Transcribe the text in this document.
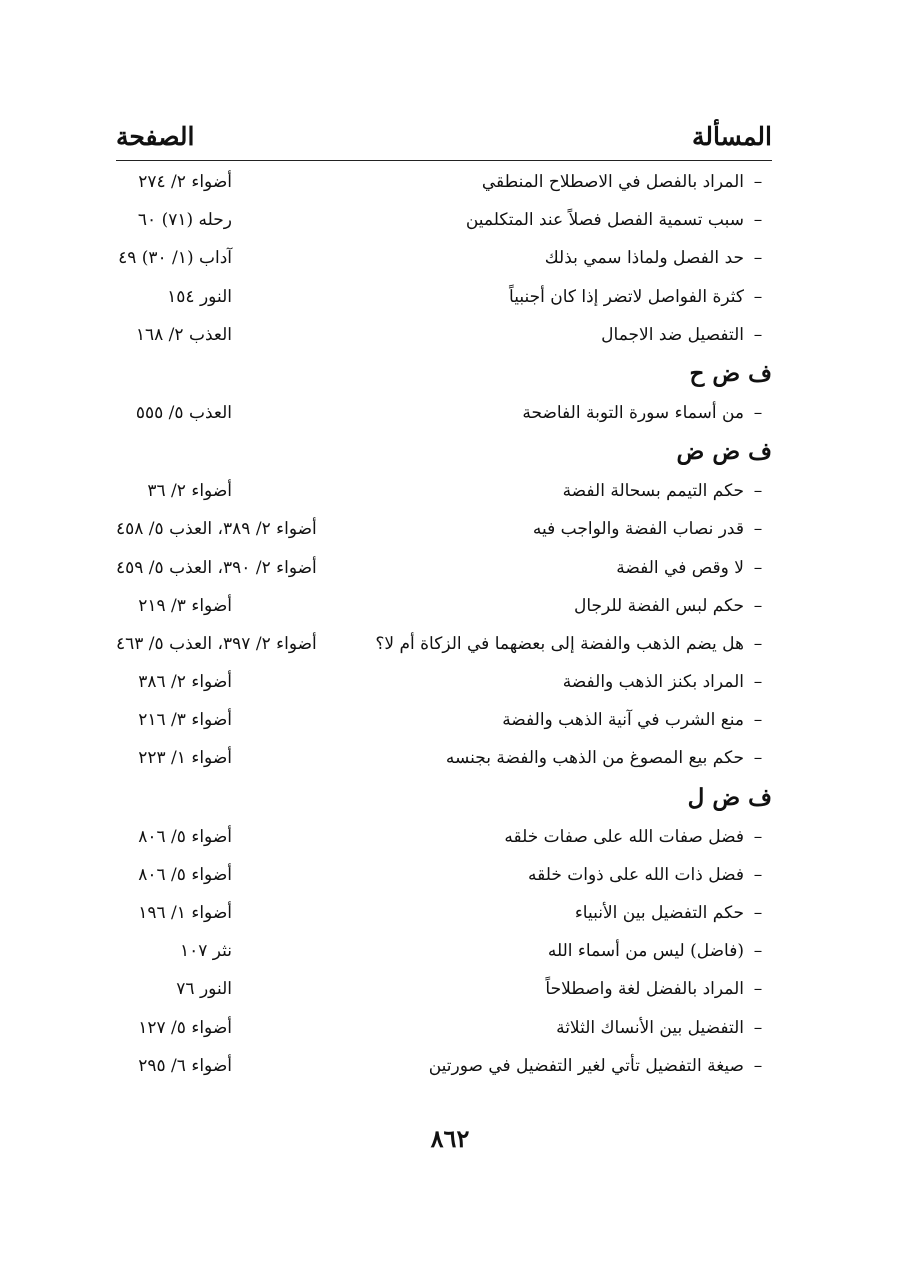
المسألة
الصفحة
–المراد بالفصل في الاصطلاح المنطقي
أضواء ٢/ ٢٧٤
–سبب تسمية الفصل فصلاً عند المتكلمين
رحله (٧١) ٦٠
–حد الفصل ولماذا سمي بذلك
آداب (١/ ٣٠) ٤٩
–كثرة الفواصل لاتضر إذا كان أجنبياً
النور ١٥٤
–التفصيل ضد الاجمال
العذب ٢/ ١٦٨
ف ض ح
–من أسماء سورة التوبة الفاضحة
العذب ٥/ ٥٥٥
ف ض ض
–حكم التيمم بسحالة الفضة
أضواء ٢/ ٣٦
–قدر نصاب الفضة والواجب فيه
أضواء ٢/ ٣٨٩، العذب ٥/ ٤٥٨
–لا وقص في الفضة
أضواء ٢/ ٣٩٠، العذب ٥/ ٤٥٩
–حكم لبس الفضة للرجال
أضواء ٣/ ٢١٩
–هل يضم الذهب والفضة إلى بعضهما في الزكاة أم لا؟
أضواء ٢/ ٣٩٧، العذب ٥/ ٤٦٣
–المراد بكنز الذهب والفضة
أضواء ٢/ ٣٨٦
–منع الشرب في آنية الذهب والفضة
أضواء ٣/ ٢١٦
–حكم بيع المصوغ من الذهب والفضة بجنسه
أضواء ١/ ٢٢٣
ف ض ل
–فضل صفات الله على صفات خلقه
أضواء ٥/ ٨٠٦
–فضل ذات الله على ذوات خلقه
أضواء ٥/ ٨٠٦
–حكم التفضيل بين الأنبياء
أضواء ١/ ١٩٦
–(فاضل) ليس من أسماء الله
نثر ١٠٧
–المراد بالفضل لغة واصطلاحاً
النور ٧٦
–التفضيل بين الأنساك الثلاثة
أضواء ٥/ ١٢٧
–صيغة التفضيل تأتي لغير التفضيل في صورتين
أضواء ٦/ ٢٩٥
٨٦٢
